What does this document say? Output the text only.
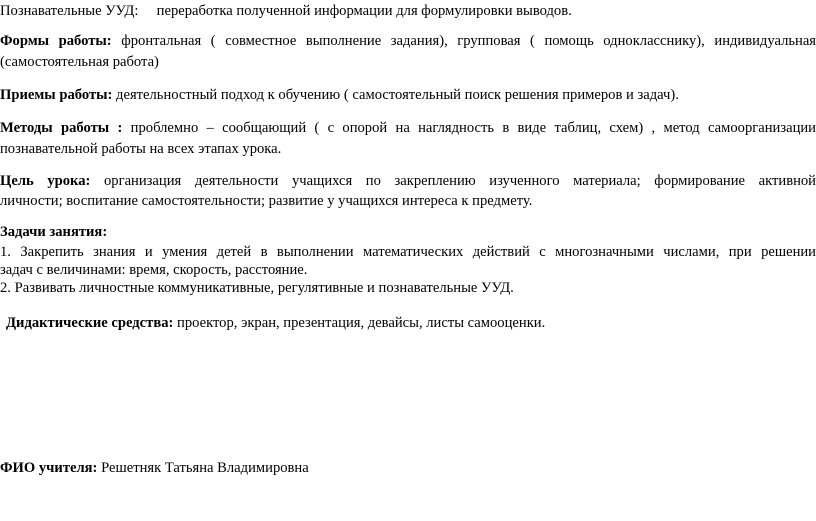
Познавательные УУД: переработка полученной информации для формулировки выводов.

Формы работы: фронтальная ( совместное выполнение задания), групповая ( помощь однокласснику), индивидуальная

(самостоятельная работа)

Приемы работы: деятельностный подход к обучению ( самостоятельный поиск решения примеров и задач).

Методы работы : проблемно – сообщающий ( с опорой на наглядность в виде таблиц, схем) , метод самоорганизации

познавательной работы на всех этапах урока.

Цель урока: организация деятельности учащихся по закреплению изученного материала; формирование активной

личности; воспитание самостоятельности; развитие у учащихся интереса к предмету.

Задачи занятия:

1. Закрепить знания и умения детей в выполнении математических действий с многозначными числами, при решении

задач с величинами: время, скорость, расстояние.

2. Развивать личностные коммуникативные, регулятивные и познавательные УУД.

Дидактические средства: проектор, экран, презентация, девайсы, листы самооценки.

ФИО учителя: Решетняк Татьяна Владимировна
